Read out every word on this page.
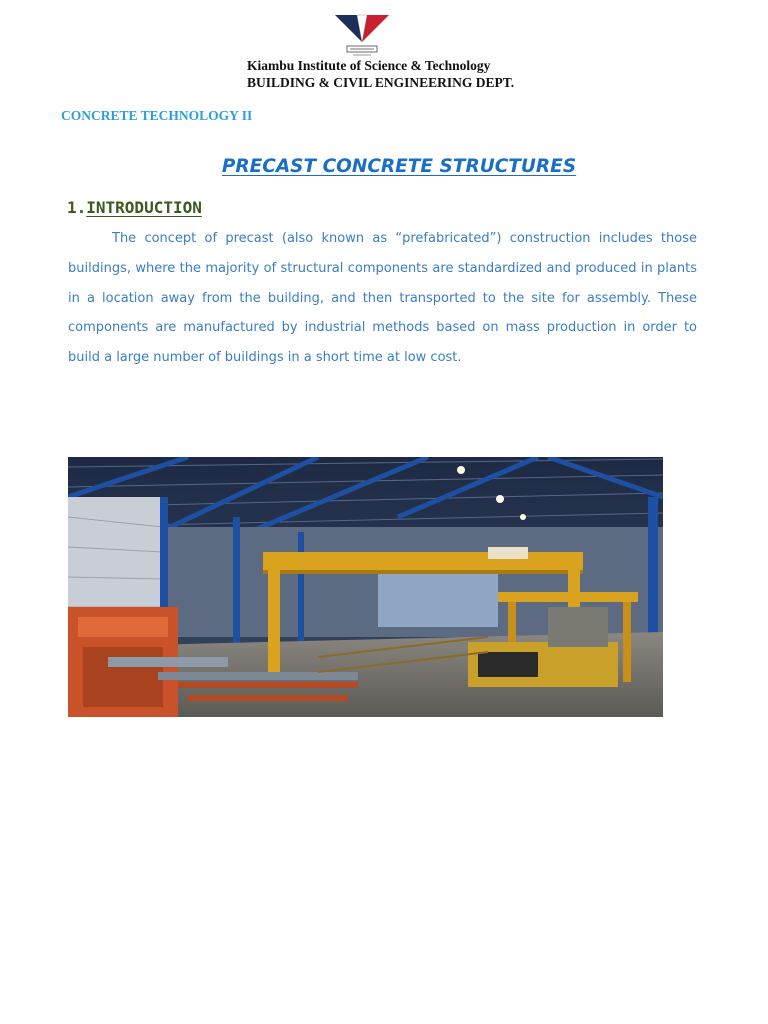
Kiambu Institute of Science & Technology

BUILDING & CIVIL ENGINEERING DEPT.

CONCRETE TECHNOLOGY II

PRECAST CONCRETE STRUCTURES
1.INTRODUCTION

The concept of precast (also known as “prefabricated”) construction includes those buildings, where the majority of structural components are standardized and produced in plants in a location away from the building, and then transported to the site for assembly. These components are manufactured by industrial methods based on mass production in order to build a large number of buildings in a short time at low cost.
